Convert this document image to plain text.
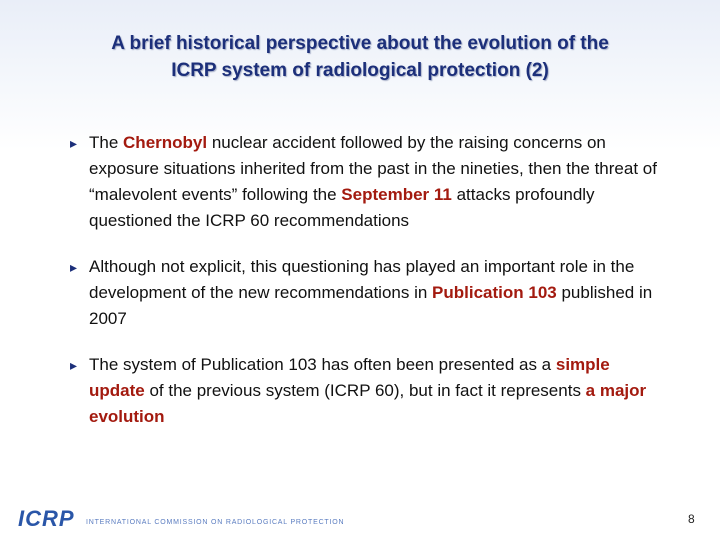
A brief historical perspective about the evolution of the
ICRP system of radiological protection (2)
▸ The Chernobyl nuclear accident followed by the raising concerns on exposure situations inherited from the past in the nineties, then the threat of “malevolent events” following the September 11 attacks profoundly questioned the ICRP 60 recommendations
▸ Although not explicit, this questioning has played an important role in the development of the new recommendations in Publication 103 published in 2007
▸ The system of Publication 103 has often been presented as a simple update of the previous system (ICRP 60), but in fact it represents a major evolution
ICRP INTERNATIONAL COMMISSION ON RADIOLOGICAL PROTECTION	8
